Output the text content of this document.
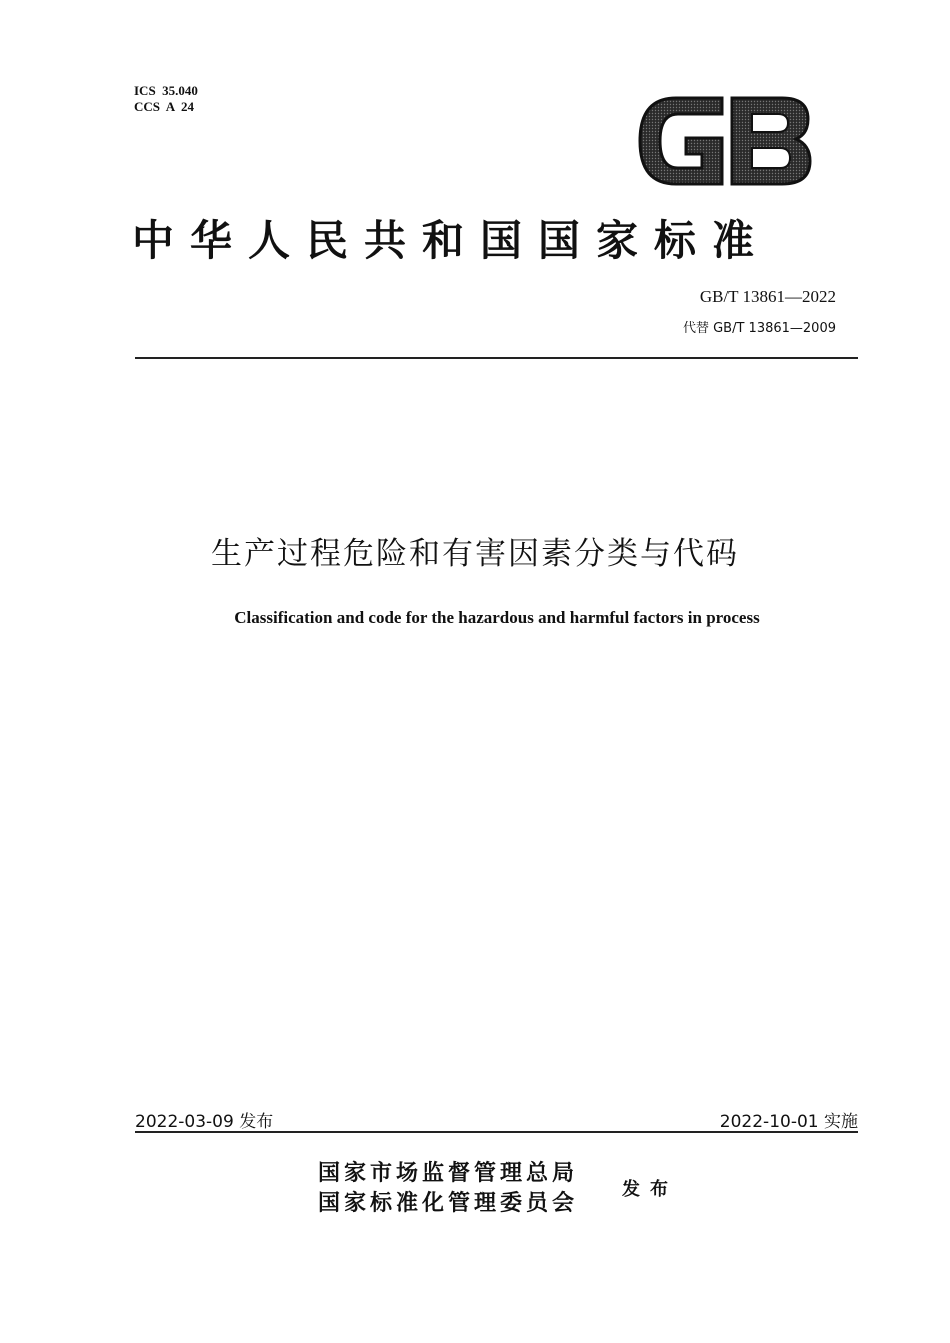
ICS  35.040
CCS  A  24
中华人民共和国国家标准
GB/T 13861—2022
代替 GB/T 13861—2009
生产过程危险和有害因素分类与代码
Classification and code for the hazardous and harmful factors in process
2022-03-09 发布	2022-10-01 实施
国家市场监督管理总局
国家标准化管理委员会
发布
